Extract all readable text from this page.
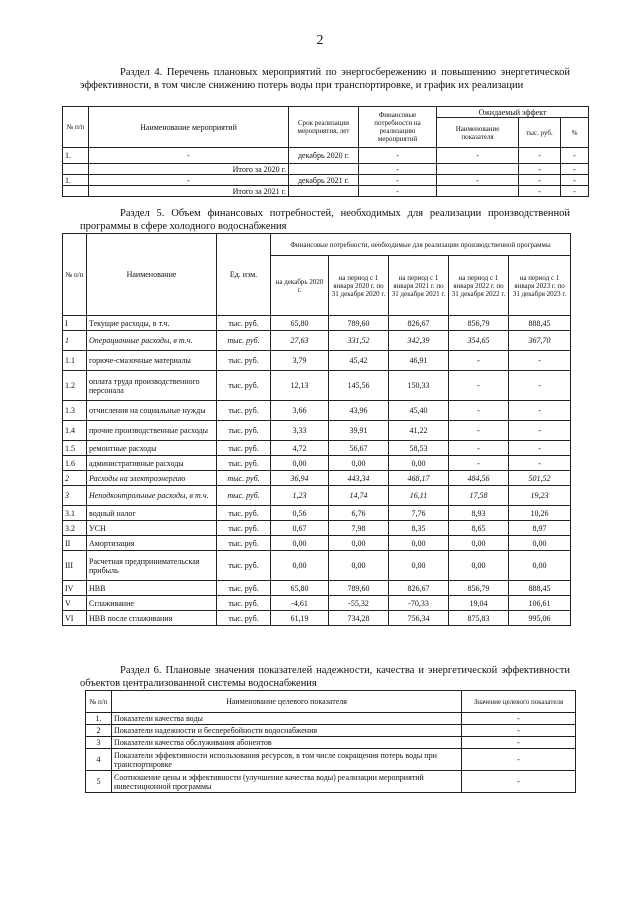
2
Раздел 4. Перечень плановых мероприятий по энергосбережению и повышению энергетической эффективности, в том числе снижению потерь воды при транспортировке, и график их реализации
№ п/п	Наименование мероприятий	Срок реализации мероприятия, лет	Финансовые потребности на реализацию мероприятий	Ожидаемый эффект		
				Наименование показателя	тыс. руб.	%
1.	-	декабрь 2020 г.	-	-	-	-
	Итого за 2020 г.		-		-	-
1.	-	декабрь 2021 г.	-	-	-	-
	Итого за 2021 г.		-		-	-
Раздел 5. Объем финансовых потребностей, необходимых для реализации производственной программы в сфере холодного водоснабжения
№ п/п	Наименование	Ед. изм.	Финансовые потребности, необходимые для реализации производственной программы				
			на декабрь 2020 г.	на период с 1 января 2020 г. по 31 декабря 2020 г.	на период с 1 января 2021 г. по 31 декабря 2021 г.	на период с 1 января 2022 г. по 31 декабря 2022 г.	на период с 1 января 2023 г. по 31 декабря 2023 г.
I	Текущие расходы, в т.ч.	тыс. руб.	65,80	789,60	826,67	856,79	888,45
1	Операционные расходы, в т.ч.	тыс. руб.	27,63	331,52	342,39	354,65	367,70
1.1	горюче-смазочные материалы	тыс. руб.	3,79	45,42	46,91	-	-
1.2	оплата труда производственного персонала	тыс. руб.	12,13	145,56	150,33	-	-
1.3	отчисления на социальные нужды	тыс. руб.	3,66	43,96	45,40	-	-
1.4	прочие производственные расходы	тыс. руб.	3,33	39,91	41,22	-	-
1.5	ремонтные расходы	тыс. руб.	4,72	56,67	58,53	-	-
1.6	административные расходы	тыс. руб.	0,00	0,00	0,00	-	-
2	Расходы на электроэнергию	тыс. руб.	36,94	443,34	468,17	484,56	501,52
3	Неподконтрольные расходы, в т.ч.	тыс. руб.	1,23	14,74	16,11	17,58	19,23
3.1	водный налог	тыс. руб.	0,56	6,76	7,76	8,93	10,26
3.2	УСН	тыс. руб.	0,67	7,98	8,35	8,65	8,97
II	Амортизация	тыс. руб.	0,00	0,00	0,00	0,00	0,00
III	Расчетная предпринимательская прибыль	тыс. руб.	0,00	0,00	0,00	0,00	0,00
IV	НВВ	тыс. руб.	65,80	789,60	826,67	856,79	888,45
V	Сглаживание	тыс. руб.	-4,61	-55,32	-70,33	19,04	106,61
VI	НВВ после сглаживания	тыс. руб.	61,19	734,28	756,34	875,83	995,06
Раздел 6. Плановые значения показателей надежности, качества и энергетической эффективности объектов централизованной системы водоснабжения
№ п/п	Наименование целевого показателя	Значение целевого показателя
1.	Показатели качества воды	-
2	Показатели надежности и бесперебойности водоснабжения	-
3	Показатели качества обслуживания абонентов	-
4	Показатели эффективности использования ресурсов, в том числе сокращения потерь воды при транспортировке	-
5	Соотношение цены и эффективности (улучшение качества воды) реализации мероприятий инвестиционной программы	-
